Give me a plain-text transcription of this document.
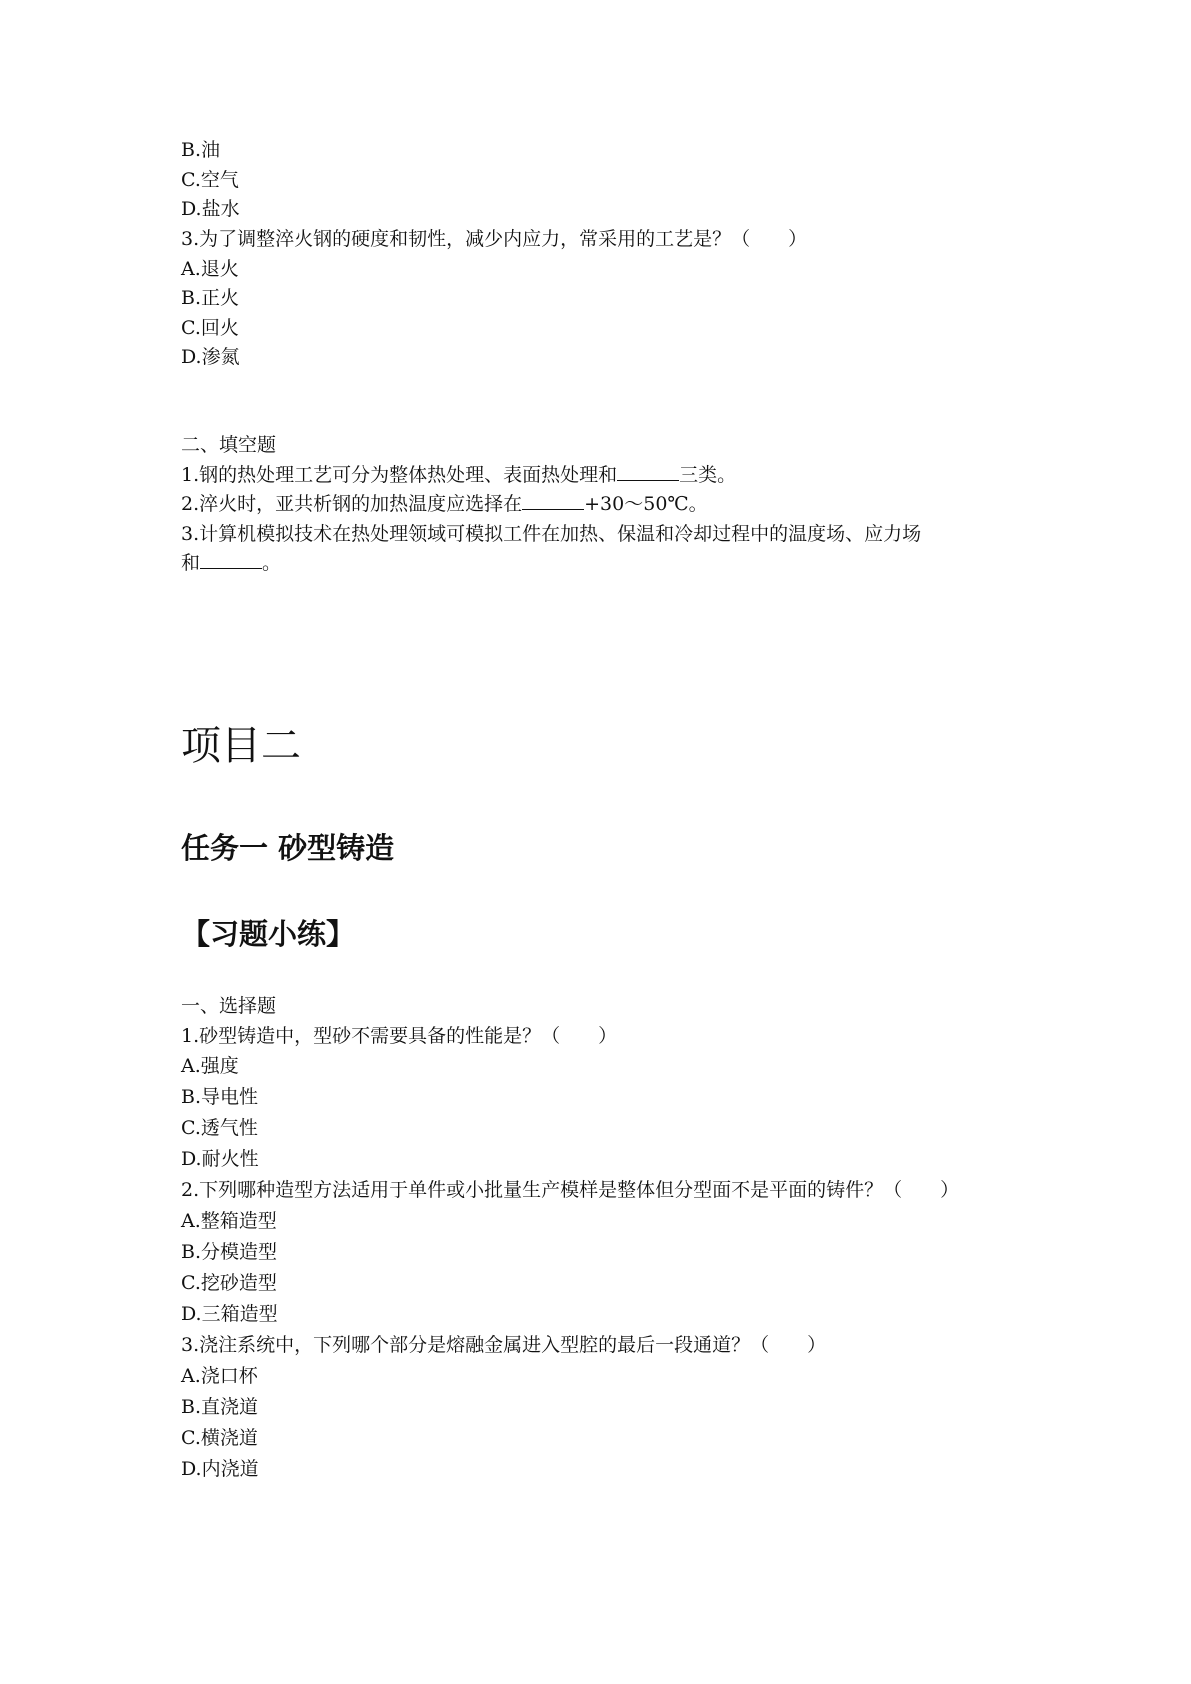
B.油
C.空气
D.盐水
3.为了调整淬火钢的硬度和韧性，减少内应力，常采用的工艺是？（　　）
A.退火
B.正火
C.回火
D.渗氮
二、填空题
1.钢的热处理工艺可分为整体热处理、表面热处理和	三类。
2.淬火时，亚共析钢的加热温度应选择在	+30～50℃。
3.计算机模拟技术在热处理领域可模拟工件在加热、保温和冷却过程中的温度场、应力场
和	。
项目二
任务一 砂型铸造
【习题小练】
一、选择题
1.砂型铸造中，型砂不需要具备的性能是？（　　）
A.强度
B.导电性
C.透气性
D.耐火性
2.下列哪种造型方法适用于单件或小批量生产模样是整体但分型面不是平面的铸件？（　　）
A.整箱造型
B.分模造型
C.挖砂造型
D.三箱造型
3.浇注系统中，下列哪个部分是熔融金属进入型腔的最后一段通道？（　　）
A.浇口杯
B.直浇道
C.横浇道
D.内浇道
